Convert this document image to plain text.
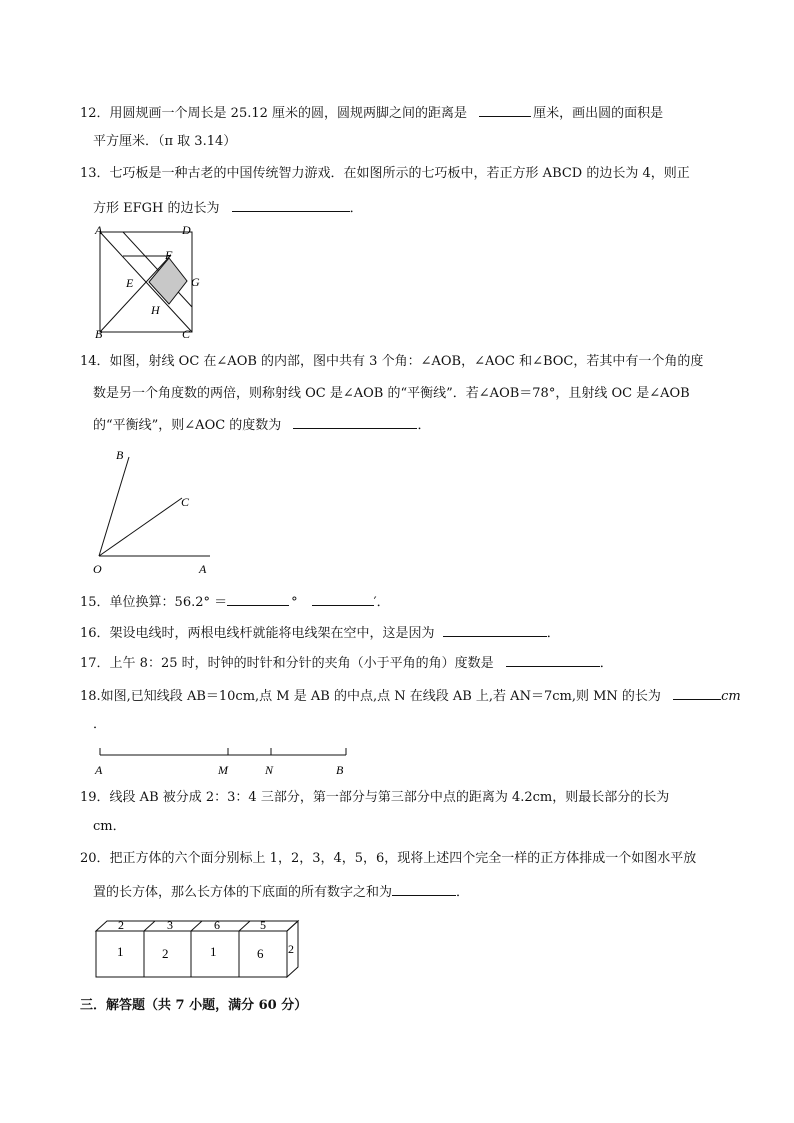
12．用圆规画一个周长是 25.12 厘米的圆，圆规两脚之间的距离是	厘米，画出圆的面积是
平方厘米．（π 取 3.14）
13．七巧板是一种古老的中国传统智力游戏．在如图所示的七巧板中，若正方形 ABCD 的边长为 4，则正
方形 EFGH 的边长为	．
A	D
F
E	G
H
B	C
14．如图，射线 OC 在∠AOB 的内部，图中共有 3 个角：∠AOB，∠AOC 和∠BOC，若其中有一个角的度
数是另一个角度数的两倍，则称射线 OC 是∠AOB 的“平衡线”．若∠AOB＝78°，且射线 OC 是∠AOB
的“平衡线”，则∠AOC 的度数为	．
B
C
O	A
15．单位换算：56.2° ＝	°	′．
16．架设电线时，两根电线杆就能将电线架在空中，这是因为	．
17．上午 8：25 时，时钟的时针和分针的夹角（小于平角的角）度数是	．
18.如图,已知线段 AB＝10cm,点 M 是 AB 的中点,点 N 在线段 AB 上,若 AN＝7cm,则 MN 的长为	cm
．
A	M	N	B
19．线段 AB 被分成 2：3：4 三部分，第一部分与第三部分中点的距离为 4.2cm，则最长部分的长为
cm．
20．把正方体的六个面分别标上 1，2，3，4，5，6，现将上述四个完全一样的正方体排成一个如图水平放
置的长方体，那么长方体的下底面的所有数字之和为	．
2	3	6	5
1	2	1	6 2
三．解答题（共 7 小题，满分 60 分）
